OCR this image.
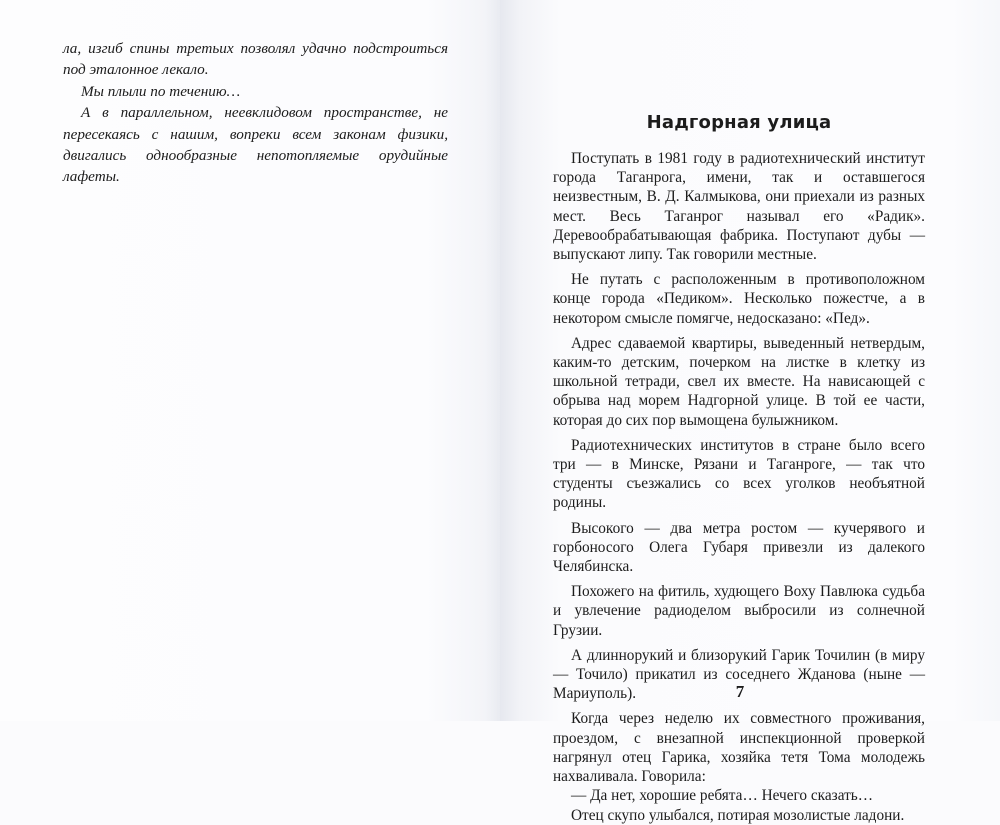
ла, изгиб спины третьих позволял удачно подстроиться под эталонное лекало.

Мы плыли по течению…

А в параллельном, неевклидовом пространстве, не пересекаясь с нашим, вопреки всем законам физики, двигались однообразные непотопляемые орудийные лафеты.

Надгорная улица

Поступать в 1981 году в радиотехнический институт города Таганрога, имени, так и оставшегося неизвестным, В. Д. Калмыкова, они приехали из разных мест. Весь Таганрог называл его «Радик». Деревообрабатывающая фабрика. Поступают дубы — выпускают липу. Так говорили местные.

Не путать с расположенным в противоположном конце города «Педиком». Несколько пожестче, а в некотором смысле помягче, недосказано: «Пед».

Адрес сдаваемой квартиры, выведенный нетвердым, каким-то детским, почерком на листке в клетку из школьной тетради, свел их вместе. На нависающей с обрыва над морем Надгорной улице. В той ее части, которая до сих пор вымощена булыжником.

Радиотехнических институтов в стране было всего три — в Минске, Рязани и Таганроге, — так что студенты съезжались со всех уголков необъятной родины.

Высокого — два метра ростом — кучерявого и горбоносого Олега Губаря привезли из далекого Челябинска.

Похожего на фитиль, худющего Воху Павлюка судьба и увлечение радиоделом выбросили из солнечной Грузии.

А длиннорукий и близорукий Гарик Точилин (в миру — Точило) прикатил из соседнего Жданова (ныне — Мариуполь).

Когда через неделю их совместного проживания, проездом, с внезапной инспекционной проверкой нагрянул отец Гарика, хозяйка тетя Тома молодежь нахваливала. Говорила:

— Да нет, хорошие ребята… Нечего сказать…

Отец скупо улыбался, потирая мозолистые ладони.

7
